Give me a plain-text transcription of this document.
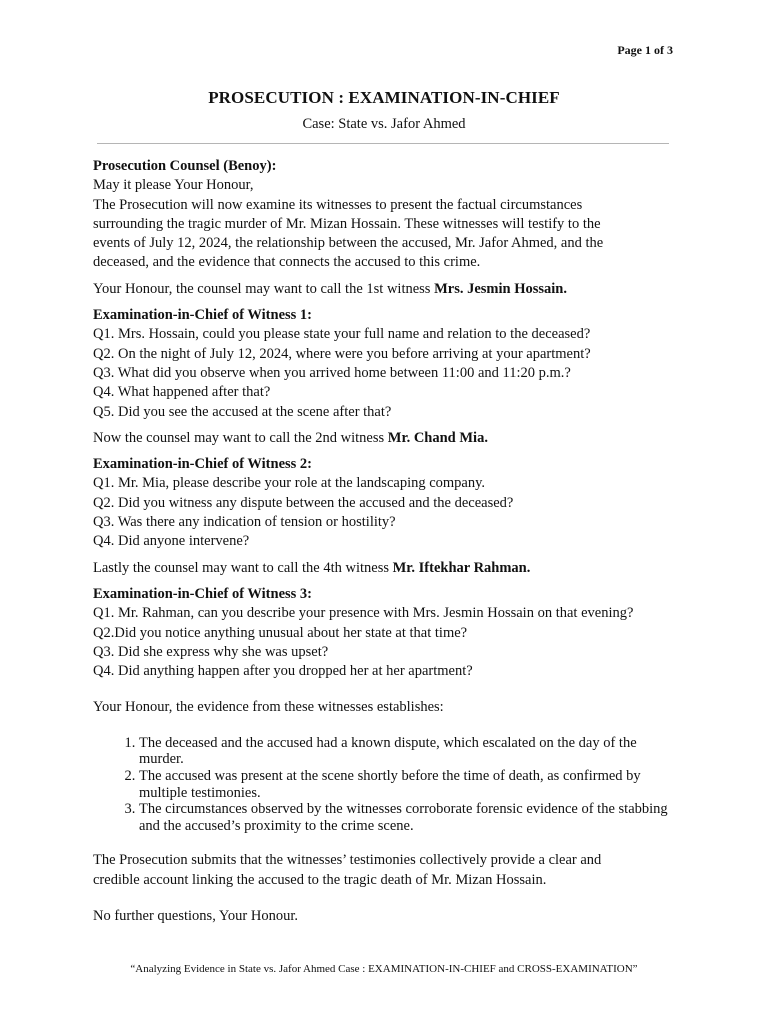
Page 1 of 3
PROSECUTION : EXAMINATION-IN-CHIEF
Case: State vs. Jafor Ahmed

Prosecution Counsel (Benoy):

May it please Your Honour,

The Prosecution will now examine its witnesses to present the factual circumstances

surrounding the tragic murder of Mr. Mizan Hossain. These witnesses will testify to the

events of July 12, 2024, the relationship between the accused, Mr. Jafor Ahmed, and the

deceased, and the evidence that connects the accused to this crime.

Your Honour, the counsel may want to call the 1st witness Mrs. Jesmin Hossain.

Examination-in-Chief of Witness 1:

Q1. Mrs. Hossain, could you please state your full name and relation to the deceased?

Q2. On the night of July 12, 2024, where were you before arriving at your apartment?

Q3. What did you observe when you arrived home between 11:00 and 11:20 p.m.?

Q4. What happened after that?

Q5. Did you see the accused at the scene after that?

Now the counsel may want to call the 2nd witness Mr. Chand Mia.

Examination-in-Chief of Witness 2:

Q1. Mr. Mia, please describe your role at the landscaping company.

Q2. Did you witness any dispute between the accused and the deceased?

Q3. Was there any indication of tension or hostility?

Q4. Did anyone intervene?

Lastly the counsel may want to call the 4th witness Mr. Iftekhar Rahman.

Examination-in-Chief of Witness 3:

Q1. Mr. Rahman, can you describe your presence with Mrs. Jesmin Hossain on that evening?

Q2.Did you notice anything unusual about her state at that time?

Q3. Did she express why she was upset?

Q4. Did anything happen after you dropped her at her apartment?

Your Honour, the evidence from these witnesses establishes:

1. The deceased and the accused had a known dispute, which escalated on the day of the murder.
2. The accused was present at the scene shortly before the time of death, as confirmed by multiple testimonies.
3. The circumstances observed by the witnesses corroborate forensic evidence of the stabbing and the accused’s proximity to the crime scene.

The Prosecution submits that the witnesses’ testimonies collectively provide a clear and

credible account linking the accused to the tragic death of Mr. Mizan Hossain.

No further questions, Your Honour.

“Analyzing Evidence in State vs. Jafor Ahmed Case : EXAMINATION-IN-CHIEF and CROSS-EXAMINATION”
